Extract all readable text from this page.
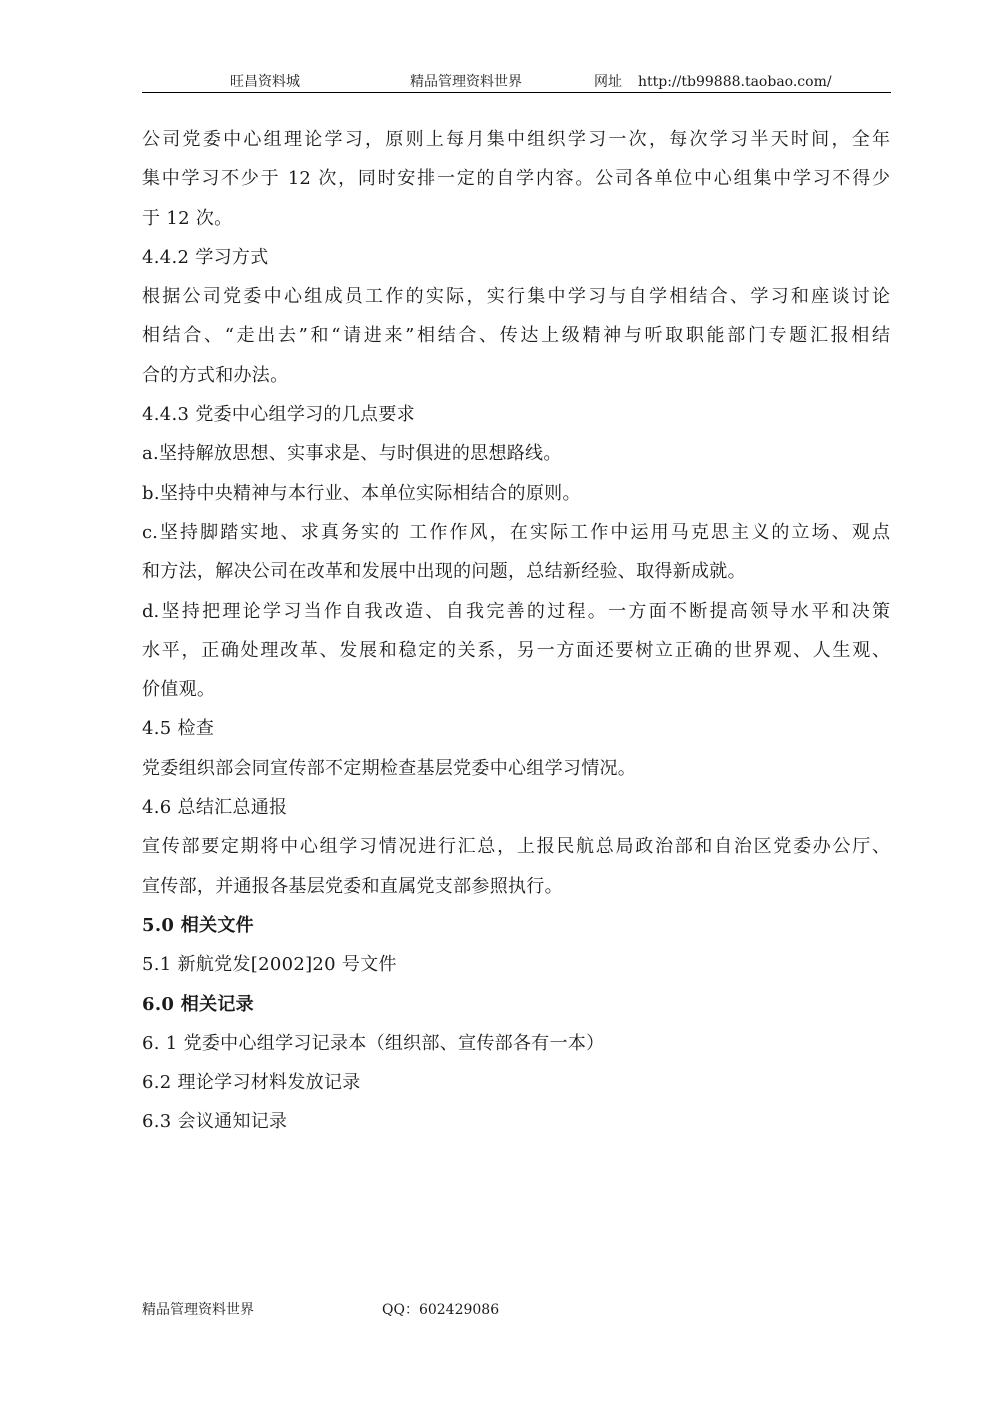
旺昌资料城	精品管理资料世界	网址 http://tb99888.taobao.com/
公司党委中心组理论学习，原则上每月集中组织学习一次，每次学习半天时间，全年
集中学习不少于 12 次，同时安排一定的自学内容。公司各单位中心组集中学习不得少
于 12 次。
4.4.2 学习方式
根据公司党委中心组成员工作的实际，实行集中学习与自学相结合、学习和座谈讨论
相结合、“走出去”和“请进来”相结合、传达上级精神与听取职能部门专题汇报相结
合的方式和办法。
4.4.3 党委中心组学习的几点要求
a.坚持解放思想、实事求是、与时俱进的思想路线。
b.坚持中央精神与本行业、本单位实际相结合的原则。
c.坚持脚踏实地、求真务实的 工作作风，在实际工作中运用马克思主义的立场、观点
和方法，解决公司在改革和发展中出现的问题，总结新经验、取得新成就。
d.坚持把理论学习当作自我改造、自我完善的过程。一方面不断提高领导水平和决策
水平，正确处理改革、发展和稳定的关系，另一方面还要树立正确的世界观、人生观、
价值观。
4.5 检查
党委组织部会同宣传部不定期检查基层党委中心组学习情况。
4.6 总结汇总通报
宣传部要定期将中心组学习情况进行汇总，上报民航总局政治部和自治区党委办公厅、
宣传部，并通报各基层党委和直属党支部参照执行。
5.0 相关文件
5.1 新航党发[2002]20 号文件
6.0 相关记录
6. 1 党委中心组学习记录本（组织部、宣传部各有一本）
6.2 理论学习材料发放记录
6.3 会议通知记录
精品管理资料世界	QQ：602429086
